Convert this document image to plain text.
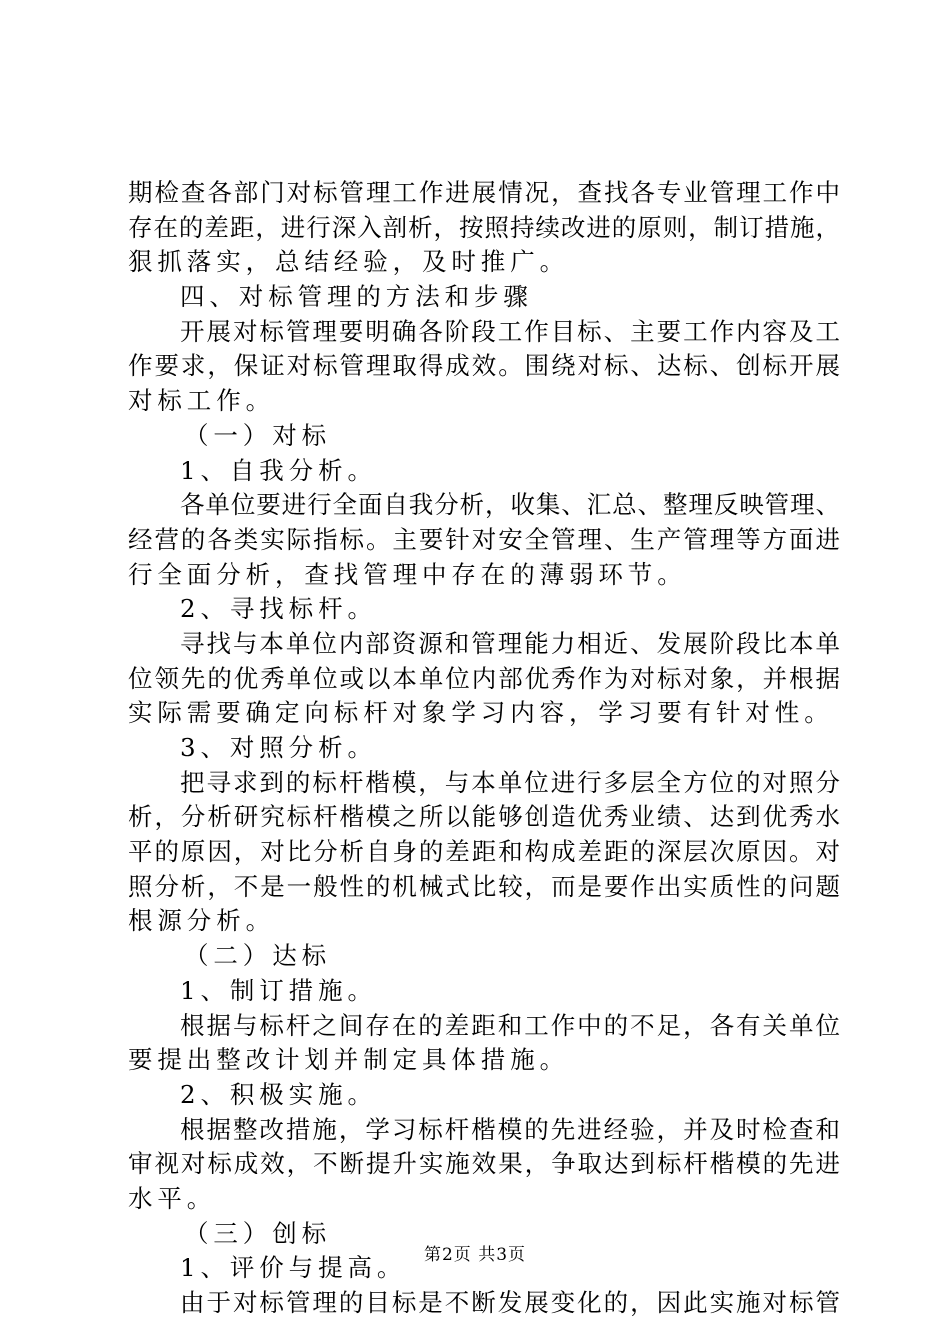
期检查各部门对标管理工作进展情况，查找各专业管理工作中
存在的差距，进行深入剖析，按照持续改进的原则，制订措施，
狠抓落实，总结经验，及时推广。
四、对标管理的方法和步骤
开展对标管理要明确各阶段工作目标、主要工作内容及工
作要求，保证对标管理取得成效。围绕对标、达标、创标开展
对标工作。
（一）对标
1、自我分析。
各单位要进行全面自我分析，收集、汇总、整理反映管理、
经营的各类实际指标。主要针对安全管理、生产管理等方面进
行全面分析，查找管理中存在的薄弱环节。
2、寻找标杆。
寻找与本单位内部资源和管理能力相近、发展阶段比本单
位领先的优秀单位或以本单位内部优秀作为对标对象，并根据
实际需要确定向标杆对象学习内容，学习要有针对性。
3、对照分析。
把寻求到的标杆楷模，与本单位进行多层全方位的对照分
析，分析研究标杆楷模之所以能够创造优秀业绩、达到优秀水
平的原因，对比分析自身的差距和构成差距的深层次原因。对
照分析，不是一般性的机械式比较，而是要作出实质性的问题
根源分析。
（二）达标
1、制订措施。
根据与标杆之间存在的差距和工作中的不足，各有关单位
要提出整改计划并制定具体措施。
2、积极实施。
根据整改措施，学习标杆楷模的先进经验，并及时检查和
审视对标成效，不断提升实施效果，争取达到标杆楷模的先进
水平。
（三）创标
1、评价与提高。
由于对标管理的目标是不断发展变化的，因此实施对标管
第2页 共3页
